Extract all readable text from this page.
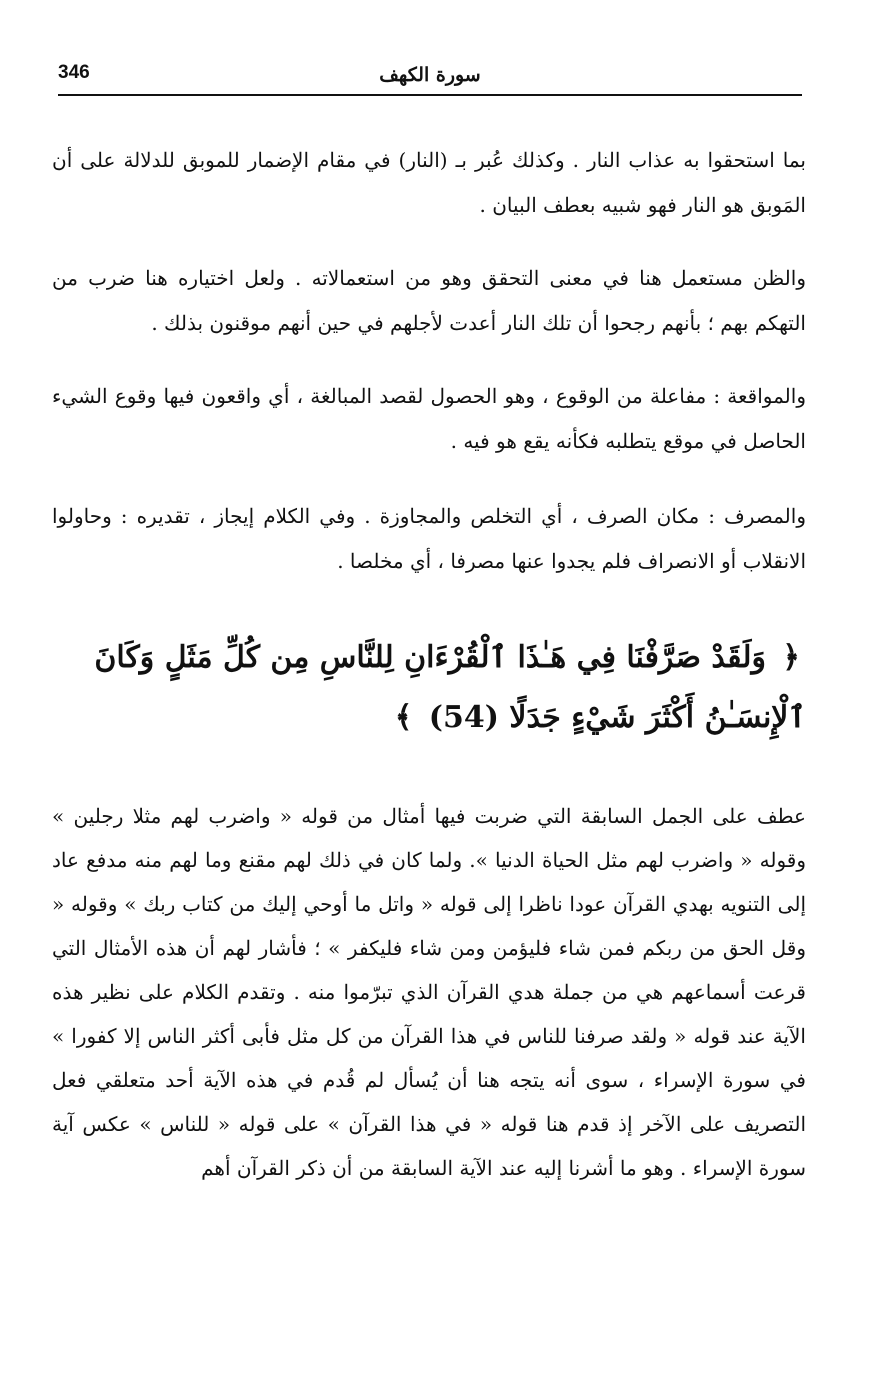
346	سورة الكهف

بما استحقوا به عذاب النار . وكذلك عُبر بـ (النار) في مقام الإضمار للموبق للدلالة على أن المَوبق هو النار فهو شبيه بعطف البيان .

والظن مستعمل هنا في معنى التحقق وهو من استعمالاته . ولعل اختياره هنا ضرب من التهكم بهم ؛ بأنهم رجحوا أن تلك النار أعدت لأجلهم في حين أنهم موقنون بذلك .

والمواقعة : مفاعلة من الوقوع ، وهو الحصول لقصد المبالغة ، أي واقعون فيها وقوع الشيء الحاصل في موقع يتطلبه فكأنه يقع هو فيه .

والمصرف : مكان الصرف ، أي التخلص والمجاوزة . وفي الكلام إيجاز ، تقديره : وحاولوا الانقلاب أو الانصراف فلم يجدوا عنها مصرفا ، أي مخلصا .

﴿ وَلَقَدْ صَرَّفْنَا فِي هَـٰذَا ٱلْقُرْءَانِ لِلنَّاسِ مِن كُلِّ مَثَلٍ وَكَانَ ٱلْإِنسَـٰنُ أَكْثَرَ شَيْءٍ جَدَلًا (54) ﴾

عطف على الجمل السابقة التي ضربت فيها أمثال من قوله « واضرب لهم مثلا رجلين » وقوله « واضرب لهم مثل الحياة الدنيا ». ولما كان في ذلك لهم مقنع وما لهم منه مدفع عاد إلى التنويه بهدي القرآن عودا ناظرا إلى قوله « واتل ما أوحي إليك من كتاب ربك » وقوله « وقل الحق من ربكم فمن شاء فليؤمن ومن شاء فليكفر » ؛ فأشار لهم أن هذه الأمثال التي قرعت أسماعهم هي من جملة هدي القرآن الذي تبرّموا منه . وتقدم الكلام على نظير هذه الآية عند قوله « ولقد صرفنا للناس في هذا القرآن من كل مثل فأبى أكثر الناس إلا كفورا » في سورة الإسراء ، سوى أنه يتجه هنا أن يُسأل لم قُدم في هذه الآية أحد متعلقي فعل التصريف على الآخر إذ قدم هنا قوله « في هذا القرآن » على قوله « للناس » عكس آية سورة الإسراء . وهو ما أشرنا إليه عند الآية السابقة من أن ذكر القرآن أهم
